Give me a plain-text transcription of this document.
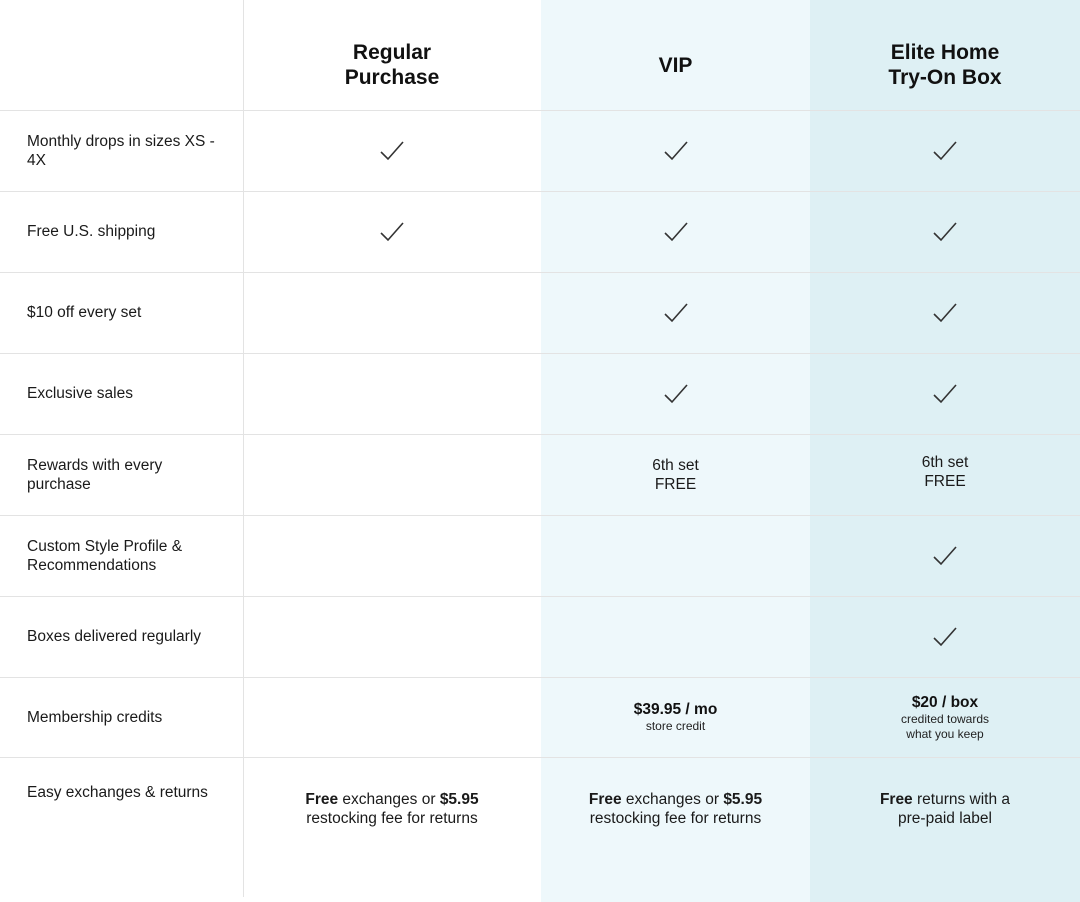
Regular
Purchase
VIP
Elite Home
Try-On Box
Monthly drops in sizes XS - 4X
Free U.S. shipping
$10 off every set
Exclusive sales
Rewards with every purchase
6th set
FREE
6th set
FREE
Custom Style Profile & Recommendations
Boxes delivered regularly
Membership credits	$39.95 / mo
store credit
$20 / box
credited towards
what you keep
Easy exchanges & returns	Free exchanges or $5.95
restocking fee for returns
Free exchanges or $5.95
restocking fee for returns
Free returns with a
pre-paid label
